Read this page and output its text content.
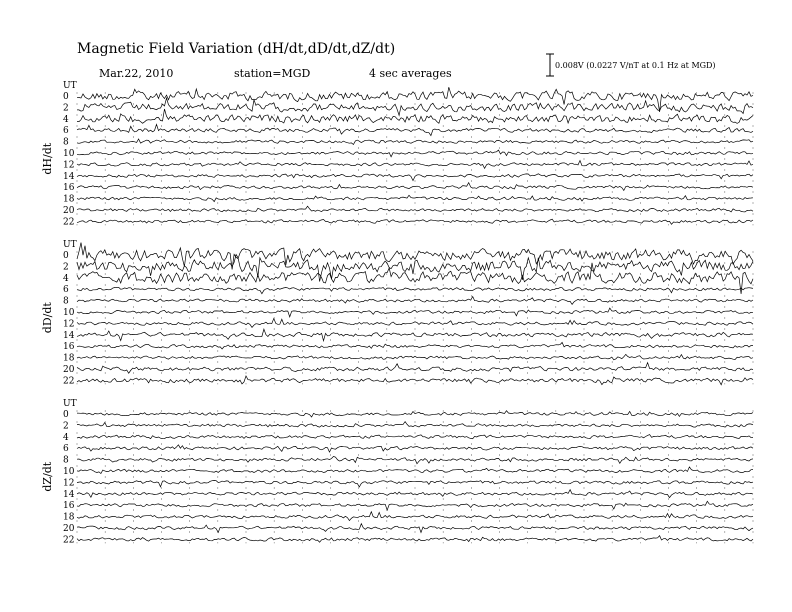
Magnetic Field Variation (dH/dt,dD/dt,dZ/dt)
Mar.22, 2010	station=MGD	4 sec averages
0.008V (0.0227 V/nT at 0.1 Hz at MGD)
UT
dH/dt
0
2
4
6
8
10
12
14
16
18
20
22
UT
dD/dt
0
2
4
6
8
10
12
14
16
18
20
22
UT
dZ/dt
0
2
4
6
8
10
12
14
16
18
20
22
